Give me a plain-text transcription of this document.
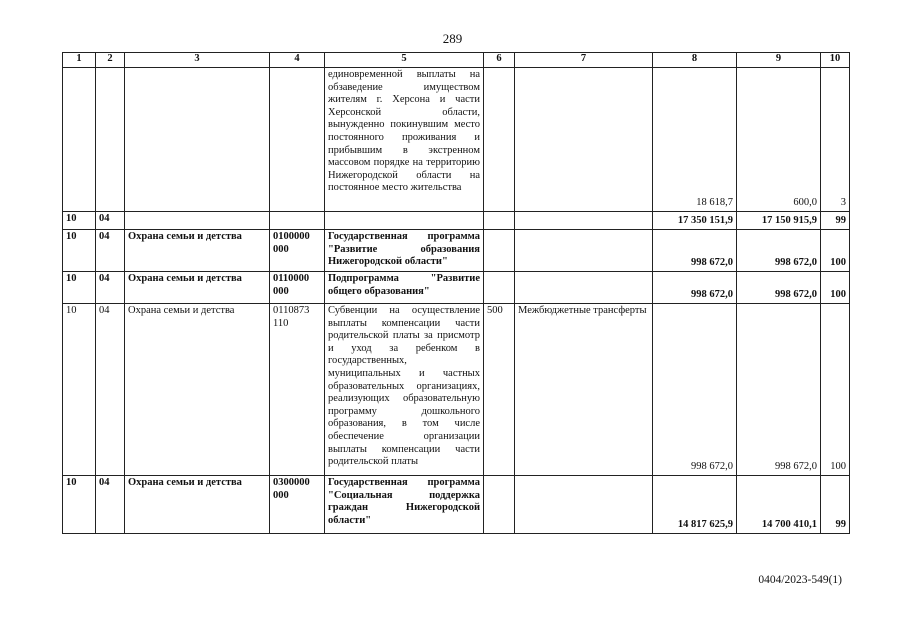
289
1	2	3	4	5	6	7	8	9	10
				единовременной выплаты на обзаведение имуществом жителям г. Херсона и части Херсонской области, вынужденно покинувшим место постоянного проживания и прибывшим в экстренном массовом порядке на территорию Нижегородской области на постоянное место жительства			18 618,7	600,0	3
10	04						17 350 151,9	17 150 915,9	99
10	04	Охрана семьи и детства	0100000 000	Государственная программа "Развитие образования Нижегородской области"			998 672,0	998 672,0	100
10	04	Охрана семьи и детства	0110000 000	Подпрограмма "Развитие общего образования"			998 672,0	998 672,0	100
10	04	Охрана семьи и детства	0110873 110	Субвенции на осуществление выплаты компенсации части родительской платы за присмотр и уход за ребенком в государственных, муниципальных и частных образовательных организациях, реализующих образовательную программу дошкольного образования, в том числе обеспечение организации выплаты компенсации части родительской платы	500	Межбюджетные трансферты	998 672,0	998 672,0	100
10	04	Охрана семьи и детства	0300000 000	Государственная программа "Социальная поддержка граждан Нижегородской области"			14 817 625,9	14 700 410,1	99
0404/2023-549(1)
